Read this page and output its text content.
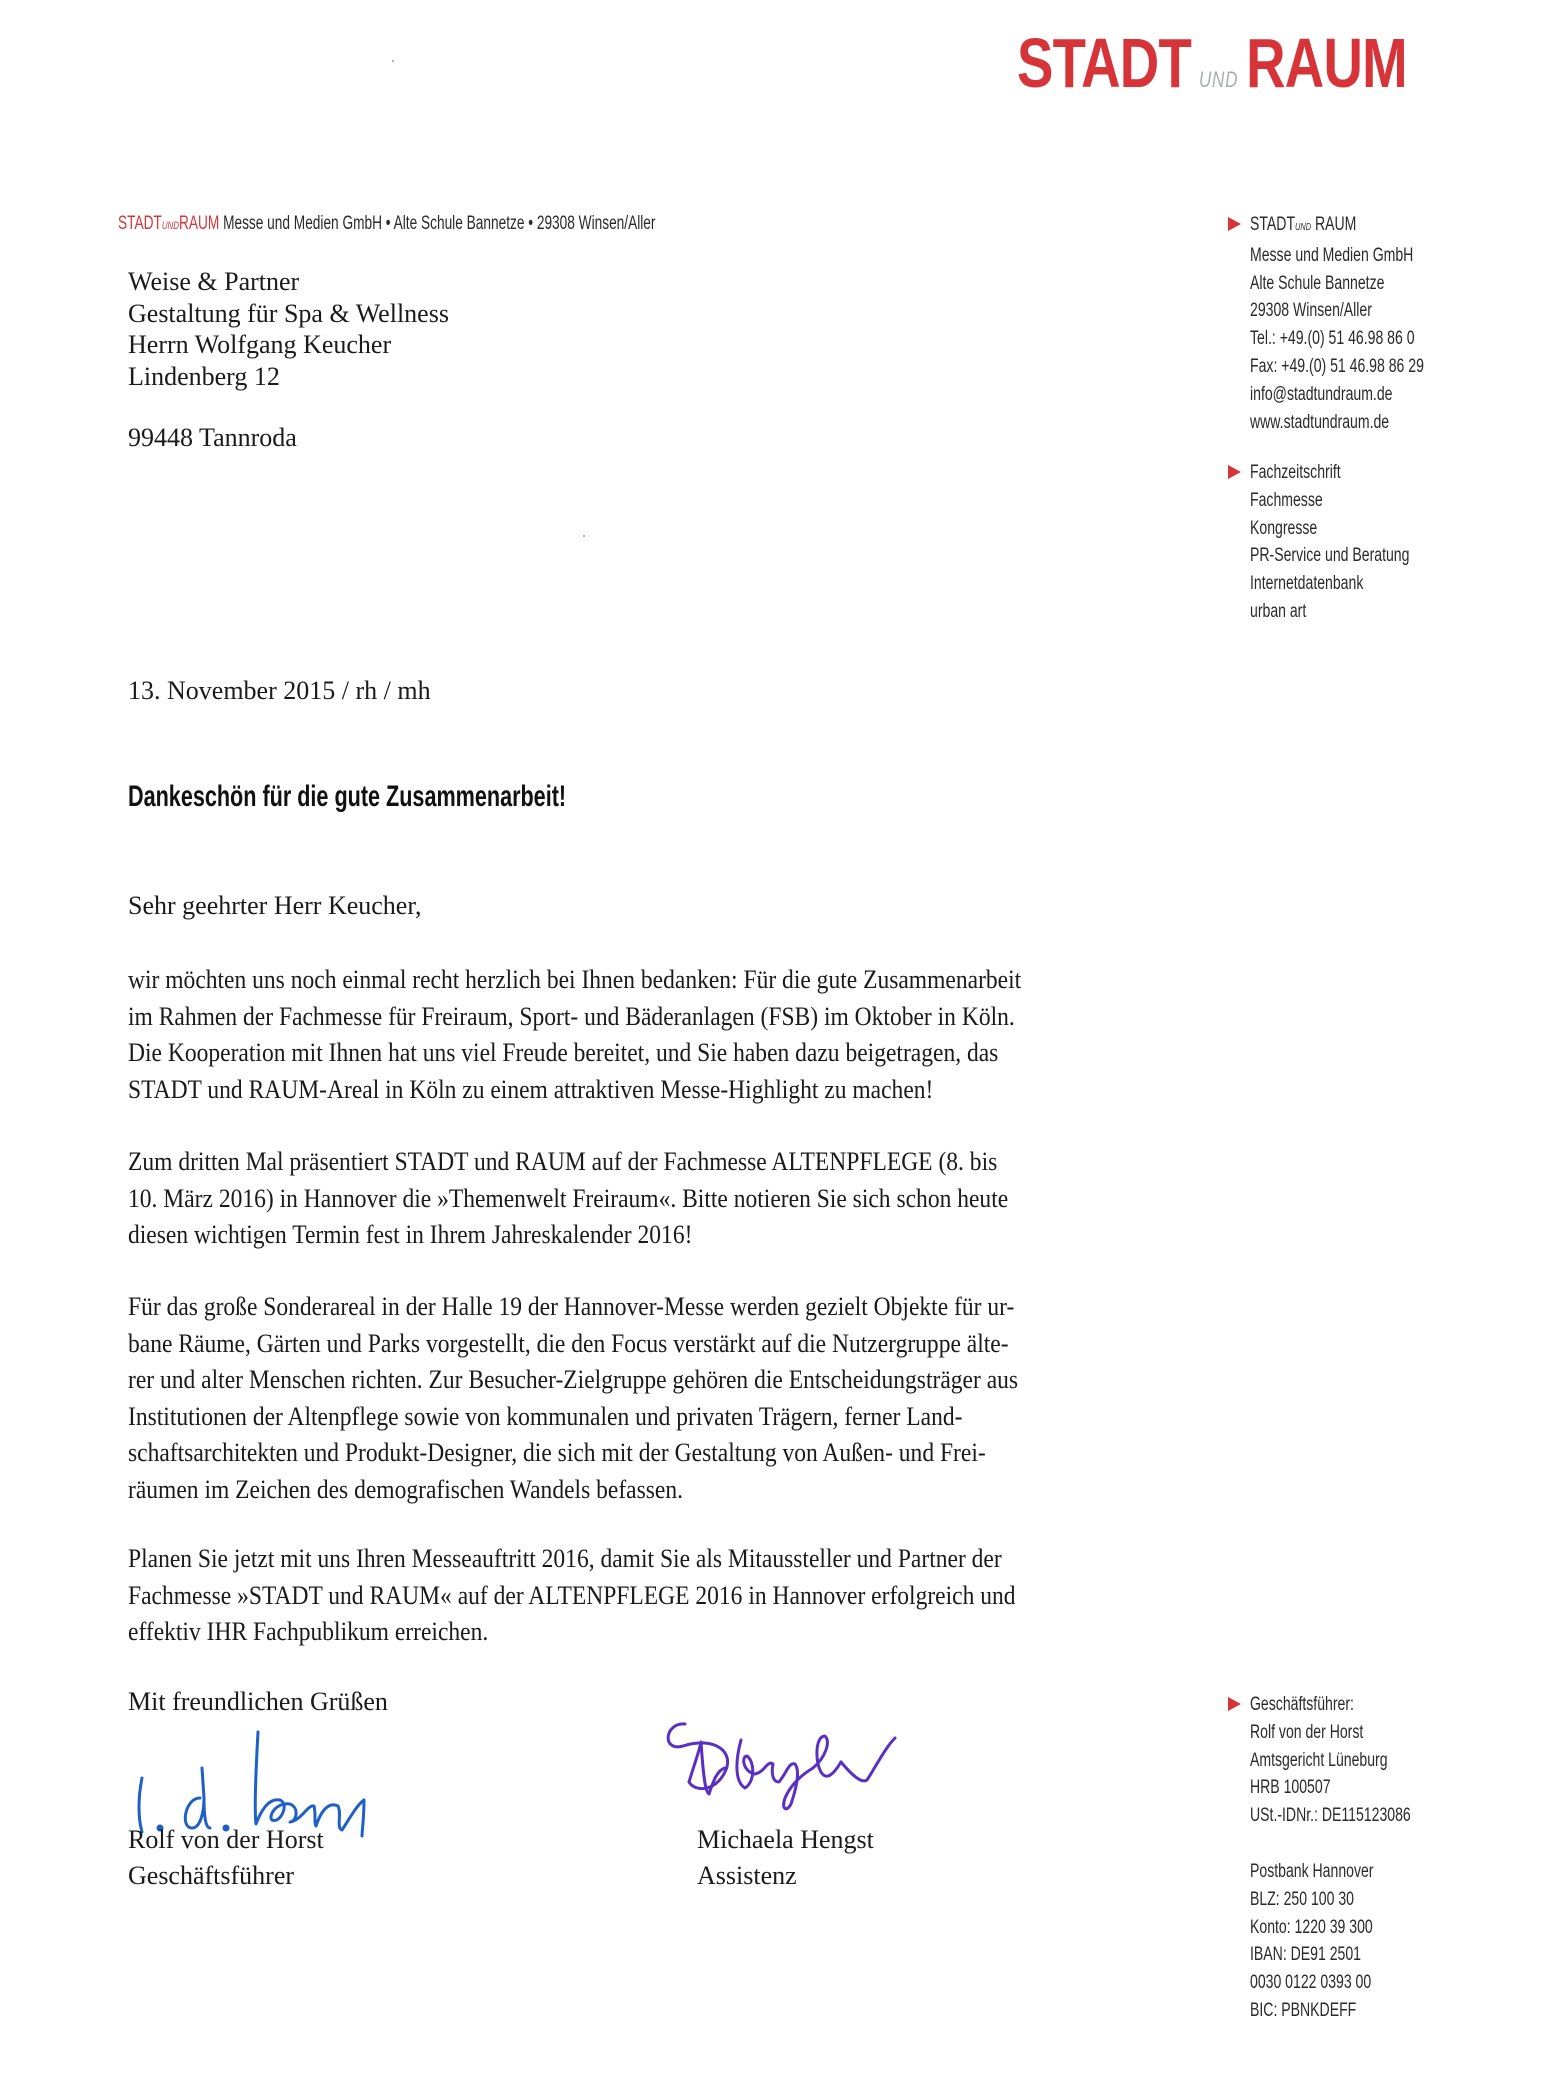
STADT UND RAUM
STADTUNDRAUM Messe und Medien GmbH • Alte Schule Bannetze • 29308 Winsen/Aller
Weise & Partner
Gestaltung für Spa & Wellness
Herrn Wolfgang Keucher
Lindenberg 12
99448 Tannroda
13. November 2015 / rh / mh
Dankeschön für die gute Zusammenarbeit!
Sehr geehrter Herr Keucher,
wir möchten uns noch einmal recht herzlich bei Ihnen bedanken: Für die gute Zusammenarbeit
im Rahmen der Fachmesse für Freiraum, Sport- und Bäderanlagen (FSB) im Oktober in Köln.
Die Kooperation mit Ihnen hat uns viel Freude bereitet, und Sie haben dazu beigetragen, das
STADT und RAUM-Areal in Köln zu einem attraktiven Messe-Highlight zu machen!
Zum dritten Mal präsentiert STADT und RAUM auf der Fachmesse ALTENPFLEGE (8. bis
10. März 2016) in Hannover die »Themenwelt Freiraum«. Bitte notieren Sie sich schon heute
diesen wichtigen Termin fest in Ihrem Jahreskalender 2016!
Für das große Sonderareal in der Halle 19 der Hannover-Messe werden gezielt Objekte für ur-
bane Räume, Gärten und Parks vorgestellt, die den Focus verstärkt auf die Nutzergruppe älte-
rer und alter Menschen richten. Zur Besucher-Zielgruppe gehören die Entscheidungsträger aus
Institutionen der Altenpflege sowie von kommunalen und privaten Trägern, ferner Land-
schaftsarchitekten und Produkt-Designer, die sich mit der Gestaltung von Außen- und Frei-
räumen im Zeichen des demografischen Wandels befassen.
Planen Sie jetzt mit uns Ihren Messeauftritt 2016, damit Sie als Mitaussteller und Partner der
Fachmesse »STADT und RAUM« auf der ALTENPFLEGE 2016 in Hannover erfolgreich und
effektiv IHR Fachpublikum erreichen.
Mit freundlichen Grüßen
Rolf von der Horst
Geschäftsführer
Michaela Hengst
Assistenz
STADTUND RAUM
Messe und Medien GmbH
Alte Schule Bannetze
29308 Winsen/Aller
Tel.: +49.(0) 51 46.98 86 0
Fax: +49.(0) 51 46.98 86 29
info@stadtundraum.de
www.stadtundraum.de
Fachzeitschrift
Fachmesse
Kongresse
PR-Service und Beratung
Internetdatenbank
urban art
Geschäftsführer:
Rolf von der Horst
Amtsgericht Lüneburg
HRB 100507
USt.-IDNr.: DE115123086
Postbank Hannover
BLZ: 250 100 30
Konto: 1220 39 300
IBAN: DE91 2501
0030 0122 0393 00
BIC: PBNKDEFF
